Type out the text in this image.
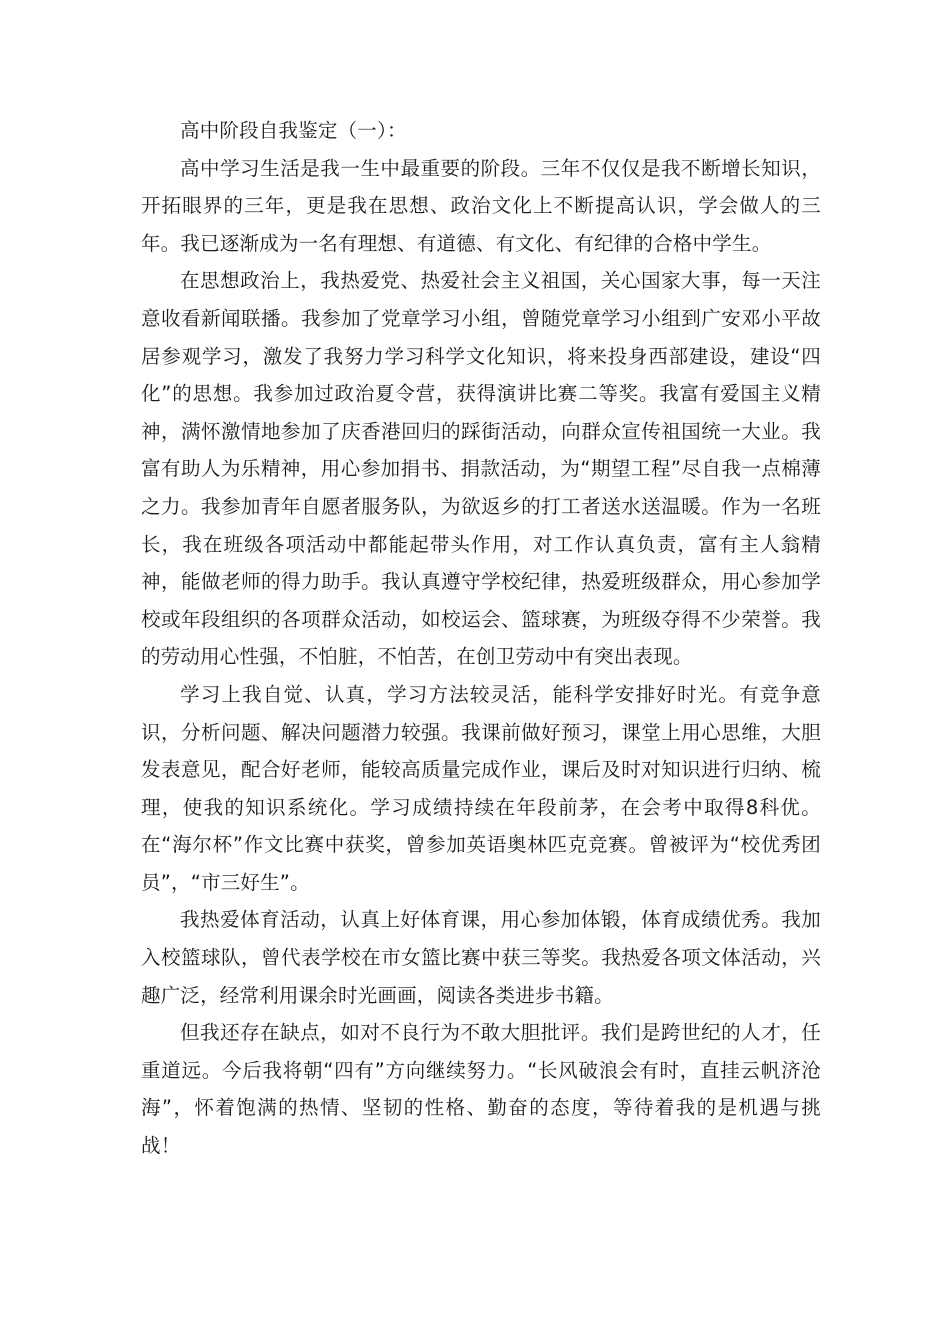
高中阶段自我鉴定（一）：

高中学习生活是我一生中最重要的阶段。三年不仅仅是我不断增长知识，开拓眼界的三年，更是我在思想、政治文化上不断提高认识，学会做人的三年。我已逐渐成为一名有理想、有道德、有文化、有纪律的合格中学生。

在思想政治上，我热爱党、热爱社会主义祖国，关心国家大事，每一天注意收看新闻联播。我参加了党章学习小组，曾随党章学习小组到广安邓小平故居参观学习，激发了我努力学习科学文化知识，将来投身西部建设，建设“四化”的思想。我参加过政治夏令营，获得演讲比赛二等奖。我富有爱国主义精神，满怀激情地参加了庆香港回归的踩街活动，向群众宣传祖国统一大业。我富有助人为乐精神，用心参加捐书、捐款活动，为“期望工程”尽自我一点棉薄之力。我参加青年自愿者服务队，为欲返乡的打工者送水送温暖。作为一名班长，我在班级各项活动中都能起带头作用，对工作认真负责，富有主人翁精神，能做老师的得力助手。我认真遵守学校纪律，热爱班级群众，用心参加学校或年段组织的各项群众活动，如校运会、篮球赛，为班级夺得不少荣誉。我的劳动用心性强，不怕脏，不怕苦，在创卫劳动中有突出表现。

学习上我自觉、认真，学习方法较灵活，能科学安排好时光。有竞争意识，分析问题、解决问题潜力较强。我课前做好预习，课堂上用心思维，大胆发表意见，配合好老师，能较高质量完成作业，课后及时对知识进行归纳、梳理，使我的知识系统化。学习成绩持续在年段前茅，在会考中取得8科优。在“海尔杯”作文比赛中获奖，曾参加英语奥林匹克竞赛。曾被评为“校优秀团员”，“市三好生”。

我热爱体育活动，认真上好体育课，用心参加体锻，体育成绩优秀。我加入校篮球队，曾代表学校在市女篮比赛中获三等奖。我热爱各项文体活动，兴趣广泛，经常利用课余时光画画，阅读各类进步书籍。

但我还存在缺点，如对不良行为不敢大胆批评。我们是跨世纪的人才，任重道远。今后我将朝“四有”方向继续努力。“长风破浪会有时，直挂云帆济沧海”，怀着饱满的热情、坚韧的性格、勤奋的态度，等待着我的是机遇与挑战！
